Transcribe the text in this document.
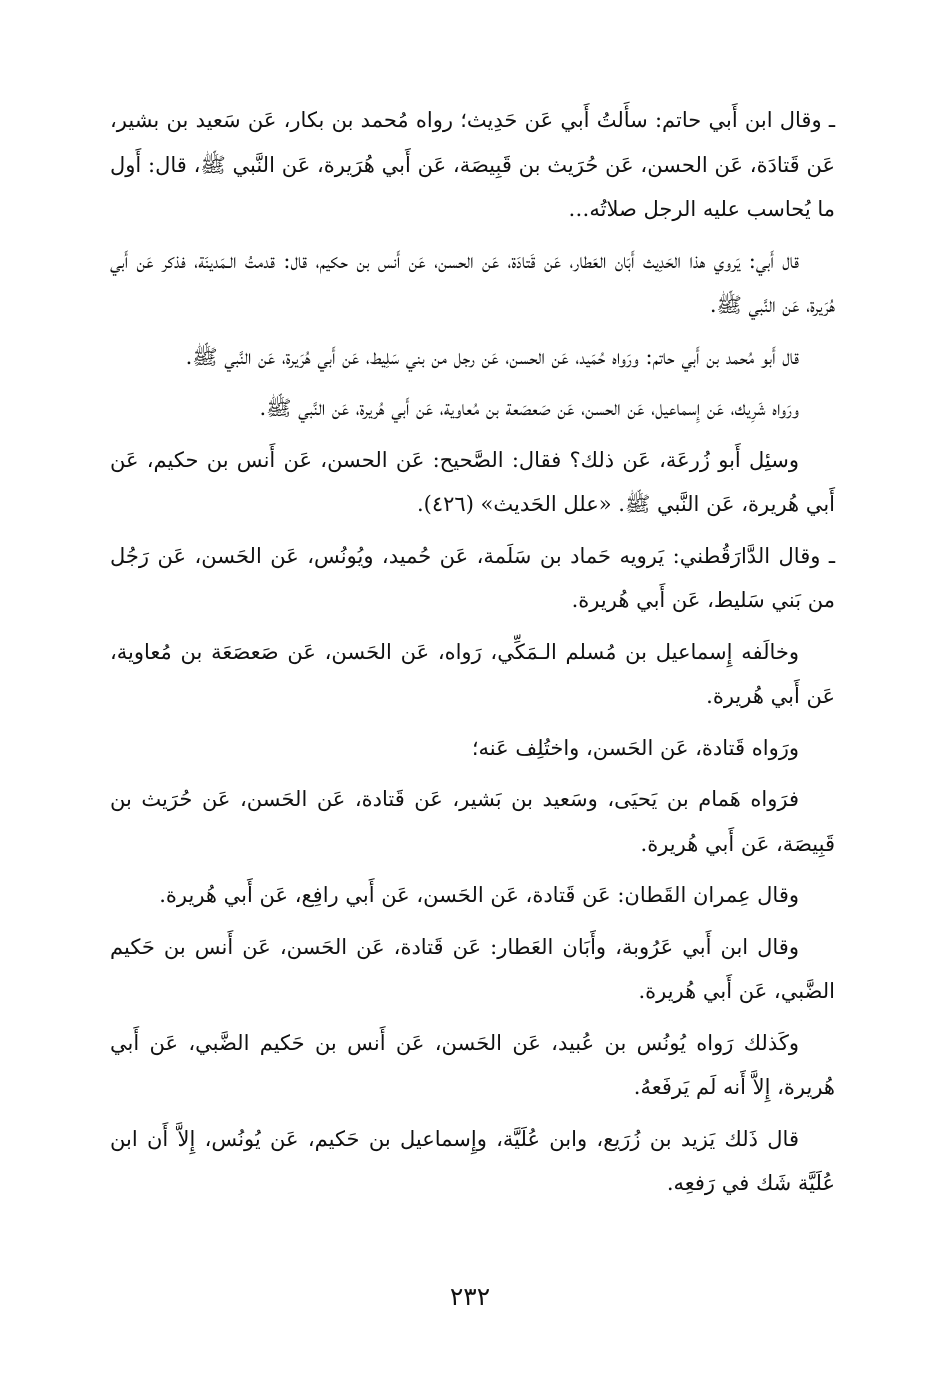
ـ وقال ابن أَبي حاتم: سأَلتُ أَبي عَن حَدِيث؛ رواه مُحمد بن بكار، عَن سَعيد بن بشير، عَن قَتادَة، عَن الحسن، عَن حُرَيث بن قَبِيصَة، عَن أَبي هُرَيرة، عَن النَّبي ﷺ، قال: أَول ما يُحاسب عليه الرجل صلاتُه…

قال أَبي: يَروي هذا الحَدِيث أَبَان العَطار، عَن قَتادَة، عَن الحسن، عَن أَنس بن حكيم، قال: قدمتُ الـمَدينَة، فذكر عَن أَبي هُرَيرة، عَن النَّبي ﷺ.

قال أَبو مُحمد بن أَبي حاتم: ورَواه حُمَيد، عَن الحسن، عَن رجل من بني سَلِيط، عَن أَبي هُرَيرة، عَن النَّبي ﷺ.

ورَواه شَرِيك، عَن إِسماعيل، عَن الحسن، عَن صَعصَعة بن مُعاوية، عَن أَبي هُريرة، عَن النَّبي ﷺ.

وسئِل أَبو زُرعَة، عَن ذلك؟ فقال: الصَّحيح: عَن الحسن، عَن أَنس بن حكيم، عَن أَبي هُريرة، عَن النَّبي ﷺ. «علل الحَديث» (٤٢٦).

ـ وقال الدَّارَقُطني: يَرويه حَماد بن سَلَمة، عَن حُميد، ويُونُس، عَن الحَسن، عَن رَجُل من بَني سَليط، عَن أَبي هُريرة.

وخالَفه إِسماعيل بن مُسلم الـمَكِّي، رَواه، عَن الحَسن، عَن صَعصَعَة بن مُعاوية، عَن أَبي هُريرة.

ورَواه قَتادة، عَن الحَسن، واختُلِف عَنه؛

فرَواه هَمام بن يَحيَى، وسَعيد بن بَشير، عَن قَتادة، عَن الحَسن، عَن حُرَيث بن قَبِيصَة، عَن أَبي هُريرة.

وقال عِمران القَطان: عَن قَتادة، عَن الحَسن، عَن أَبي رافِع، عَن أَبي هُريرة.

وقال ابن أَبي عَرُوبة، وأَبَان العَطار: عَن قَتادة، عَن الحَسن، عَن أَنس بن حَكيم الضَّبي، عَن أَبي هُريرة.

وكَذلك رَواه يُونُس بن عُبيد، عَن الحَسن، عَن أَنس بن حَكيم الضَّبي، عَن أَبي هُريرة، إِلاَّ أَنه لَم يَرفَعهُ.

قال ذَلك يَزيد بن زُرَيع، وابن عُلَيَّة، وإِسماعيل بن حَكيم، عَن يُونُس، إِلاَّ أَن ابن عُلَيَّة شَك في رَفعِه.

٢٣٢
